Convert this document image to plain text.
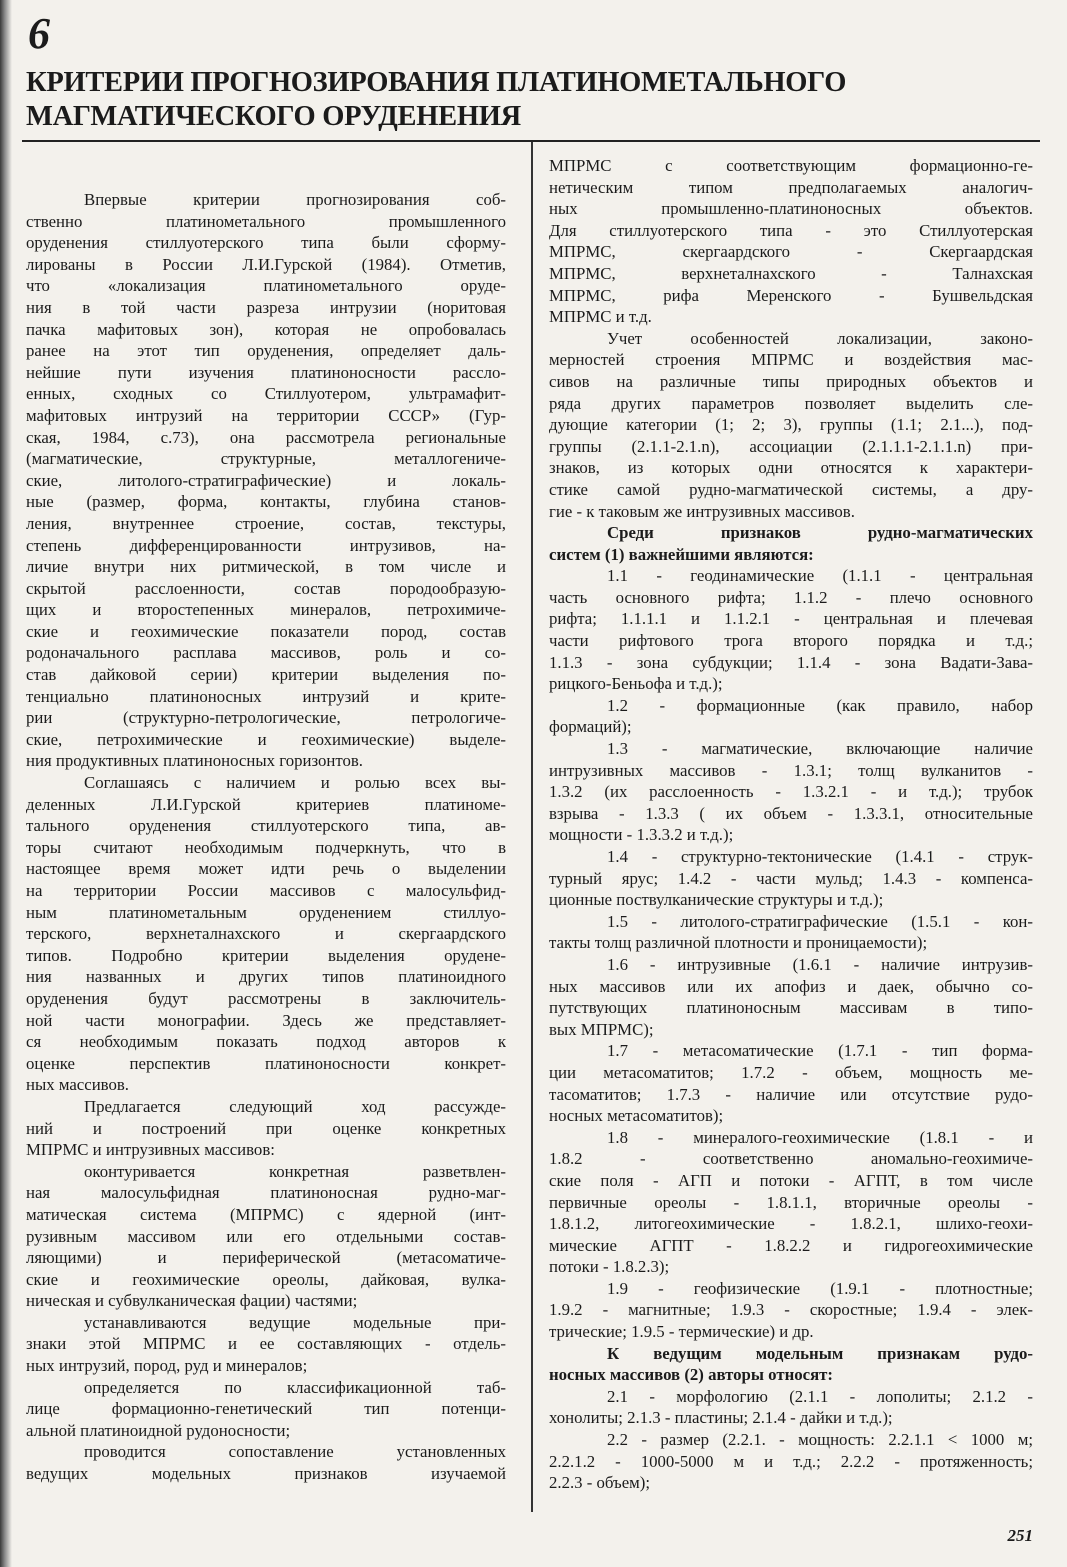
6
КРИТЕРИИ ПРОГНОЗИРОВАНИЯ ПЛАТИНОМЕТАЛЬНОГО
МАГМАТИЧЕСКОГО ОРУДЕНЕНИЯ
Впервые критерии прогнозирования соб-
ственно платинометального промышленного
оруденения стиллуотерского типа были сформу-
лированы в России Л.И.Гурской (1984). Отметив,
что «локализация платинометального оруде-
ния в той части разреза интрузии (норитовая
пачка мафитовых зон), которая не опробовалась
ранее на этот тип оруденения, определяет даль-
нейшие пути изучения платиноносности рассло-
енных, сходных со Стиллуотером, ультрамафит-
мафитовых интрузий на территории СССР» (Гур-
ская, 1984, с.73), она рассмотрела региональные
(магматические, структурные, металлогениче-
ские, литолого-стратиграфические) и локаль-
ные (размер, форма, контакты, глубина станов-
ления, внутреннее строение, состав, текстуры,
степень дифференцированности интрузивов, на-
личие внутри них ритмической, в том числе и
скрытой расслоенности, состав породообразую-
щих и второстепенных минералов, петрохимиче-
ские и геохимические показатели пород, состав
родоначального расплава массивов, роль и со-
став дайковой серии) критерии выделения по-
тенциально платиноносных интрузий и крите-
рии (структурно-петрологические, петрологиче-
ские, петрохимические и геохимические) выделе-
ния продуктивных платиноносных горизонтов.
Соглашаясь с наличием и ролью всех вы-
деленных Л.И.Гурской критериев платиноме-
тального оруденения стиллуотерского типа, ав-
торы считают необходимым подчеркнуть, что в
настоящее время может идти речь о выделении
на территории России массивов с малосульфид-
ным платинометальным оруденением стиллуо-
терского, верхнеталнахского и скергаардского
типов. Подробно критерии выделения орудене-
ния названных и других типов платиноидного
оруденения будут рассмотрены в заключитель-
ной части монографии. Здесь же представляет-
ся необходимым показать подход авторов к
оценке перспектив платиноносности конкрет-
ных массивов.
Предлагается следующий ход рассужде-
ний и построений при оценке конкретных
МПРМС и интрузивных массивов:
оконтуривается конкретная разветвлен-
ная малосульфидная платиноносная рудно-маг-
матическая система (МПРМС) с ядерной (инт-
рузивным массивом или его отдельными состав-
ляющими) и периферической (метасоматиче-
ские и геохимические ореолы, дайковая, вулка-
ническая и субвулканическая фации) частями;
устанавливаются ведущие модельные при-
знаки этой МПРМС и ее составляющих - отдель-
ных интрузий, пород, руд и минералов;
определяется по классификационной таб-
лице формационно-генетический тип потенци-
альной платиноидной рудоносности;
проводится сопоставление установленных
ведущих модельных признаков изучаемой
МПРМС с соответствующим формационно-ге-
нетическим типом предполагаемых аналогич-
ных промышленно-платиноносных объектов.
Для стиллуотерского типа - это Стиллуотерская
МПРМС, скергаардского - Скергаардская
МПРМС, верхнеталнахского - Талнахская
МПРМС, рифа Меренского - Бушвельдская
МПРМС и т.д.
Учет особенностей локализации, законо-
мерностей строения МПРМС и воздействия мас-
сивов на различные типы природных объектов и
ряда других параметров позволяет выделить сле-
дующие категории (1; 2; 3), группы (1.1; 2.1...), под-
группы (2.1.1-2.1.n), ассоциации (2.1.1.1-2.1.1.n) при-
знаков, из которых одни относятся к характери-
стике самой рудно-магматической системы, а дру-
гие - к таковым же интрузивных массивов.
Среди признаков рудно-магматических
систем (1) важнейшими являются:
1.1 - геодинамические (1.1.1 - центральная
часть основного рифта; 1.1.2 - плечо основного
рифта; 1.1.1.1 и 1.1.2.1 - центральная и плечевая
части рифтового трога второго порядка и т.д.;
1.1.3 - зона субдукции; 1.1.4 - зона Вадати-Зава-
рицкого-Беньофа и т.д.);
1.2 - формационные (как правило, набор
формаций);
1.3 - магматические, включающие наличие
интрузивных массивов - 1.3.1; толщ вулканитов -
1.3.2 (их расслоенность - 1.3.2.1 - и т.д.); трубок
взрыва - 1.3.3 ( их объем - 1.3.3.1, относительные
мощности - 1.3.3.2 и т.д.);
1.4 - структурно-тектонические (1.4.1 - струк-
турный ярус; 1.4.2 - части мульд; 1.4.3 - компенса-
ционные поствулканические структуры и т.д.);
1.5 - литолого-стратиграфические (1.5.1 - кон-
такты толщ различной плотности и проницаемости);
1.6 - интрузивные (1.6.1 - наличие интрузив-
ных массивов или их апофиз и даек, обычно со-
путствующих платиноносным массивам в типо-
вых МПРМС);
1.7 - метасоматические (1.7.1 - тип форма-
ции метасоматитов; 1.7.2 - объем, мощность ме-
тасоматитов; 1.7.3 - наличие или отсутствие рудо-
носных метасоматитов);
1.8 - минералого-геохимические (1.8.1 - и
1.8.2 - соответственно аномально-геохимиче-
ские поля - АГП и потоки - АГПТ, в том числе
первичные ореолы - 1.8.1.1, вторичные ореолы -
1.8.1.2, литогеохимические - 1.8.2.1, шлихо-геохи-
мические АГПТ - 1.8.2.2 и гидрогеохимические
потоки - 1.8.2.3);
1.9 - геофизические (1.9.1 - плотностные;
1.9.2 - магнитные; 1.9.3 - скоростные; 1.9.4 - элек-
трические; 1.9.5 - термические) и др.
К ведущим модельным признакам рудо-
носных массивов (2) авторы относят:
2.1 - морфологию (2.1.1 - лополиты; 2.1.2 -
хонолиты; 2.1.3 - пластины; 2.1.4 - дайки и т.д.);
2.2 - размер (2.2.1. - мощность: 2.2.1.1 < 1000 м;
2.2.1.2 - 1000-5000 м и т.д.; 2.2.2 - протяженность;
2.2.3 - объем);
251
